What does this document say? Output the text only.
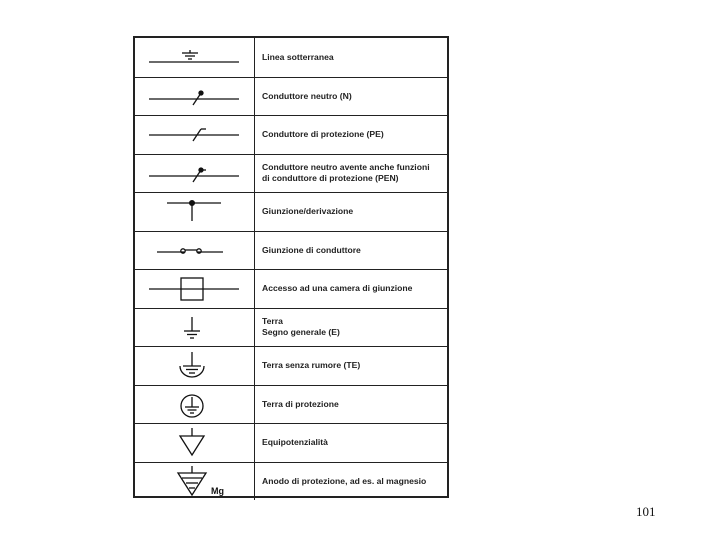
Linea sotterranea
Conduttore neutro (N)
Conduttore di protezione (PE)
Conduttore neutro avente anche funzioni
di conduttore di protezione (PEN)
Giunzione/derivazione
Giunzione di conduttore
Accesso ad una camera di giunzione
Terra
Segno generale (E)
Terra senza rumore (TE)
Terra di protezione
Equipotenzialità
Mg
Anodo di protezione, ad es. al magnesio
101
